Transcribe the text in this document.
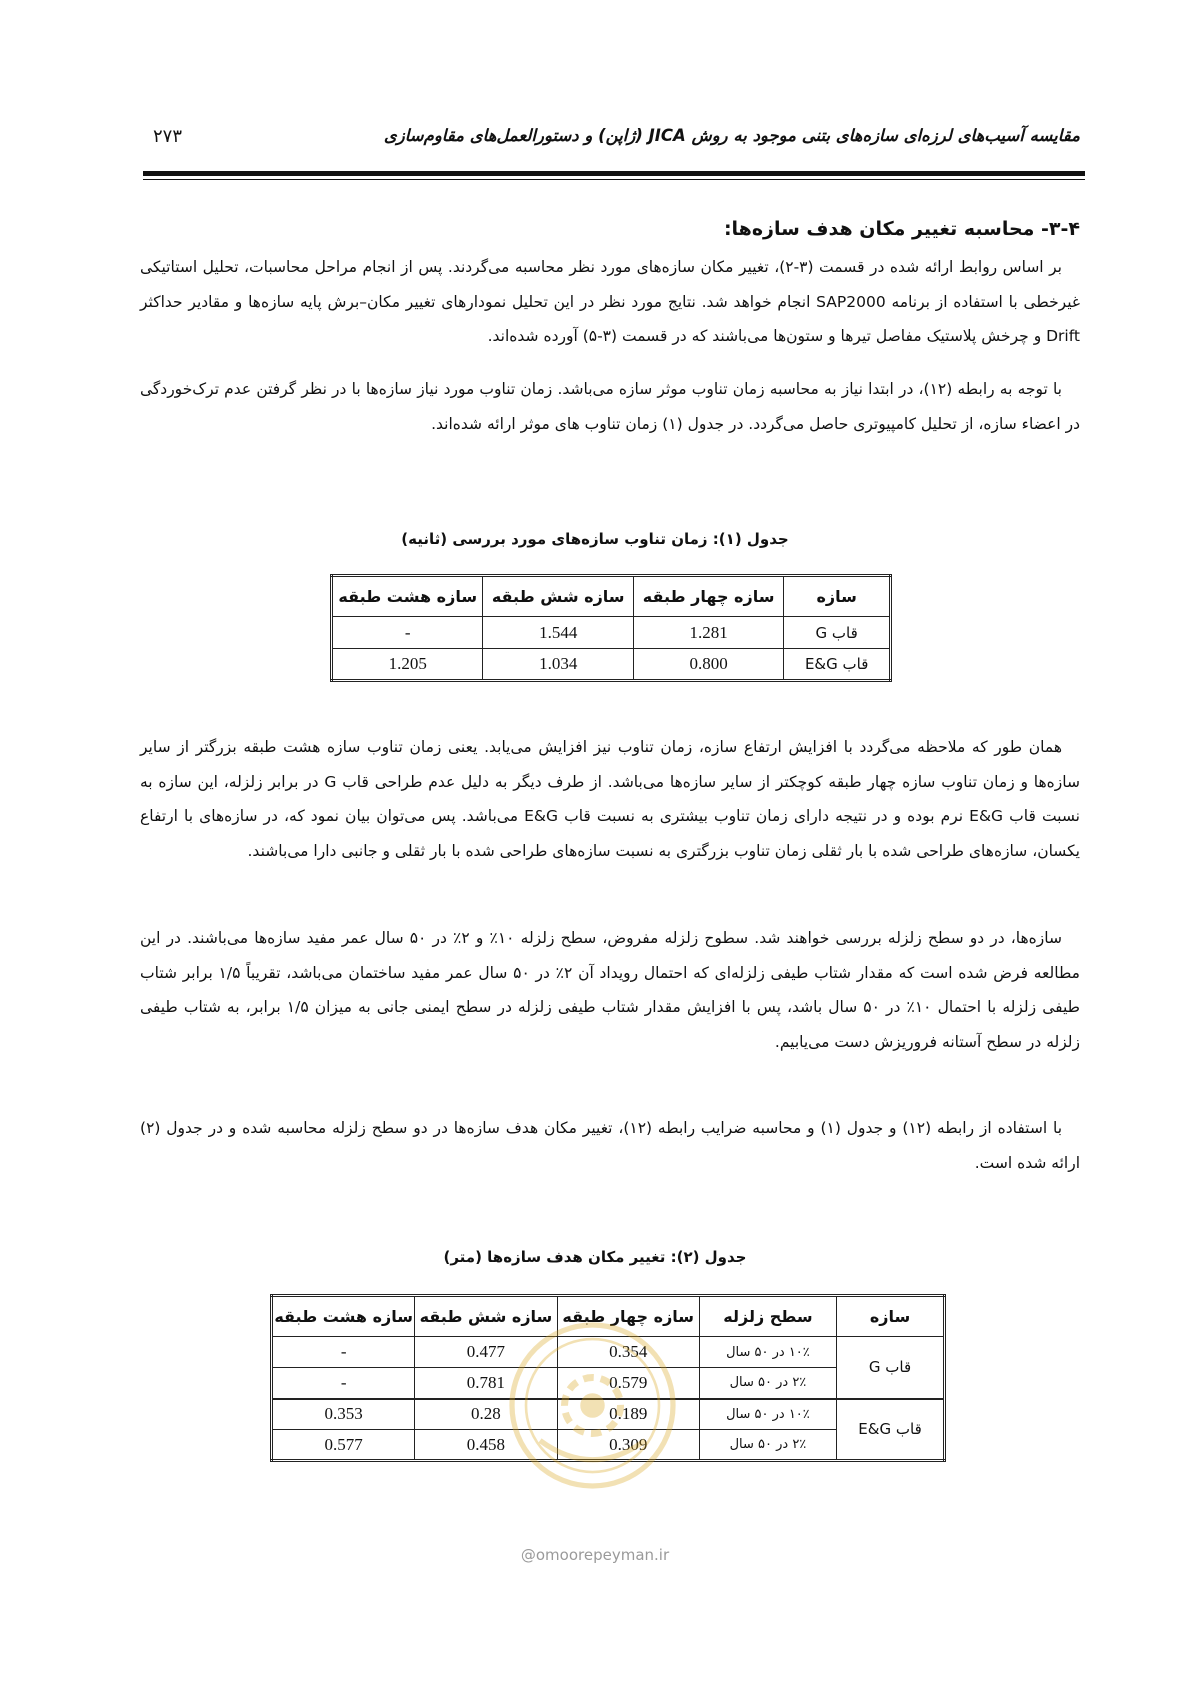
مقایسه آسیب‌های لرزه‌ای سازه‌های بتنی موجود به روش JICA (ژاپن) و دستورالعمل‌های مقاوم‌سازی
۲۷۳
۳-۴- محاسبه تغییر مکان هدف سازه‌ها:

بر اساس روابط ارائه شده در قسمت (۳-۲)، تغییر مکان سازه‌های مورد نظر محاسبه می‌گردند. پس از انجام مراحل محاسبات، تحلیل استاتیکی غیرخطی با استفاده از برنامه SAP2000 انجام خواهد شد. نتایج مورد نظر در این تحلیل نمودارهای تغییر مکان–برش پایه سازه‌ها و مقادیر حداکثر Drift و چرخش پلاستیک مفاصل تیرها و ستون‌ها می‌باشند که در قسمت (۳-۵) آورده شده‌اند.

با توجه به رابطه (۱۲)، در ابتدا نیاز به محاسبه زمان تناوب موثر سازه می‌باشد. زمان تناوب مورد نیاز سازه‌ها با در نظر گرفتن عدم ترک‌خوردگی در اعضاء سازه، از تحلیل کامپیوتری حاصل می‌گردد. در جدول (۱) زمان تناوب های موثر ارائه شده‌اند.

جدول (۱): زمان تناوب سازه‌های مورد بررسی (ثانیه)
سازه	سازه چهار طبقه	سازه شش طبقه	سازه هشت طبقه
قاب G	1.281	1.544	-
قاب E&G	0.800	1.034	1.205

همان طور که ملاحظه می‌گردد با افزایش ارتفاع سازه، زمان تناوب نیز افزایش می‌یابد. یعنی زمان تناوب سازه هشت طبقه بزرگتر از سایر سازه‌ها و زمان تناوب سازه چهار طبقه کوچکتر از سایر سازه‌ها می‌باشد. از طرف دیگر به دلیل عدم طراحی قاب G در برابر زلزله، این سازه به نسبت قاب E&G نرم بوده و در نتیجه دارای زمان تناوب بیشتری به نسبت قاب E&G می‌باشد. پس می‌توان بیان نمود که، در سازه‌های با ارتفاع یکسان، سازه‌های طراحی شده با بار ثقلی زمان تناوب بزرگتری به نسبت سازه‌های طراحی شده با بار ثقلی و جانبی دارا می‌باشند.

سازه‌ها، در دو سطح زلزله بررسی خواهند شد. سطوح زلزله مفروض، سطح زلزله ۱۰٪ و ۲٪ در ۵۰ سال عمر مفید سازه‌ها می‌باشند. در این مطالعه فرض شده است که مقدار شتاب طیفی زلزله‌ای که احتمال رویداد آن ۲٪ در ۵۰ سال عمر مفید ساختمان می‌باشد، تقریباً ۱/۵ برابر شتاب طیفی زلزله با احتمال ۱۰٪ در ۵۰ سال باشد، پس با افزایش مقدار شتاب طیفی زلزله در سطح ایمنی جانی به میزان ۱/۵ برابر، به شتاب طیفی زلزله در سطح آستانه فروریزش دست می‌یابیم.

با استفاده از رابطه (۱۲) و جدول (۱) و محاسبه ضرایب رابطه (۱۲)، تغییر مکان هدف سازه‌ها در دو سطح زلزله محاسبه شده و در جدول (۲) ارائه شده است.

جدول (۲): تغییر مکان هدف سازه‌ها (متر)
سازه	سطح زلزله	سازه چهار طبقه	سازه شش طبقه	سازه هشت طبقه
قاب G	۱۰٪ در ۵۰ سال	0.354	0.477	-
	۲٪ در ۵۰ سال	0.579	0.781	-
قاب E&G	۱۰٪ در ۵۰ سال	0.189	0.28	0.353
	۲٪ در ۵۰ سال	0.309	0.458	0.577
@omoorepeyman.ir
